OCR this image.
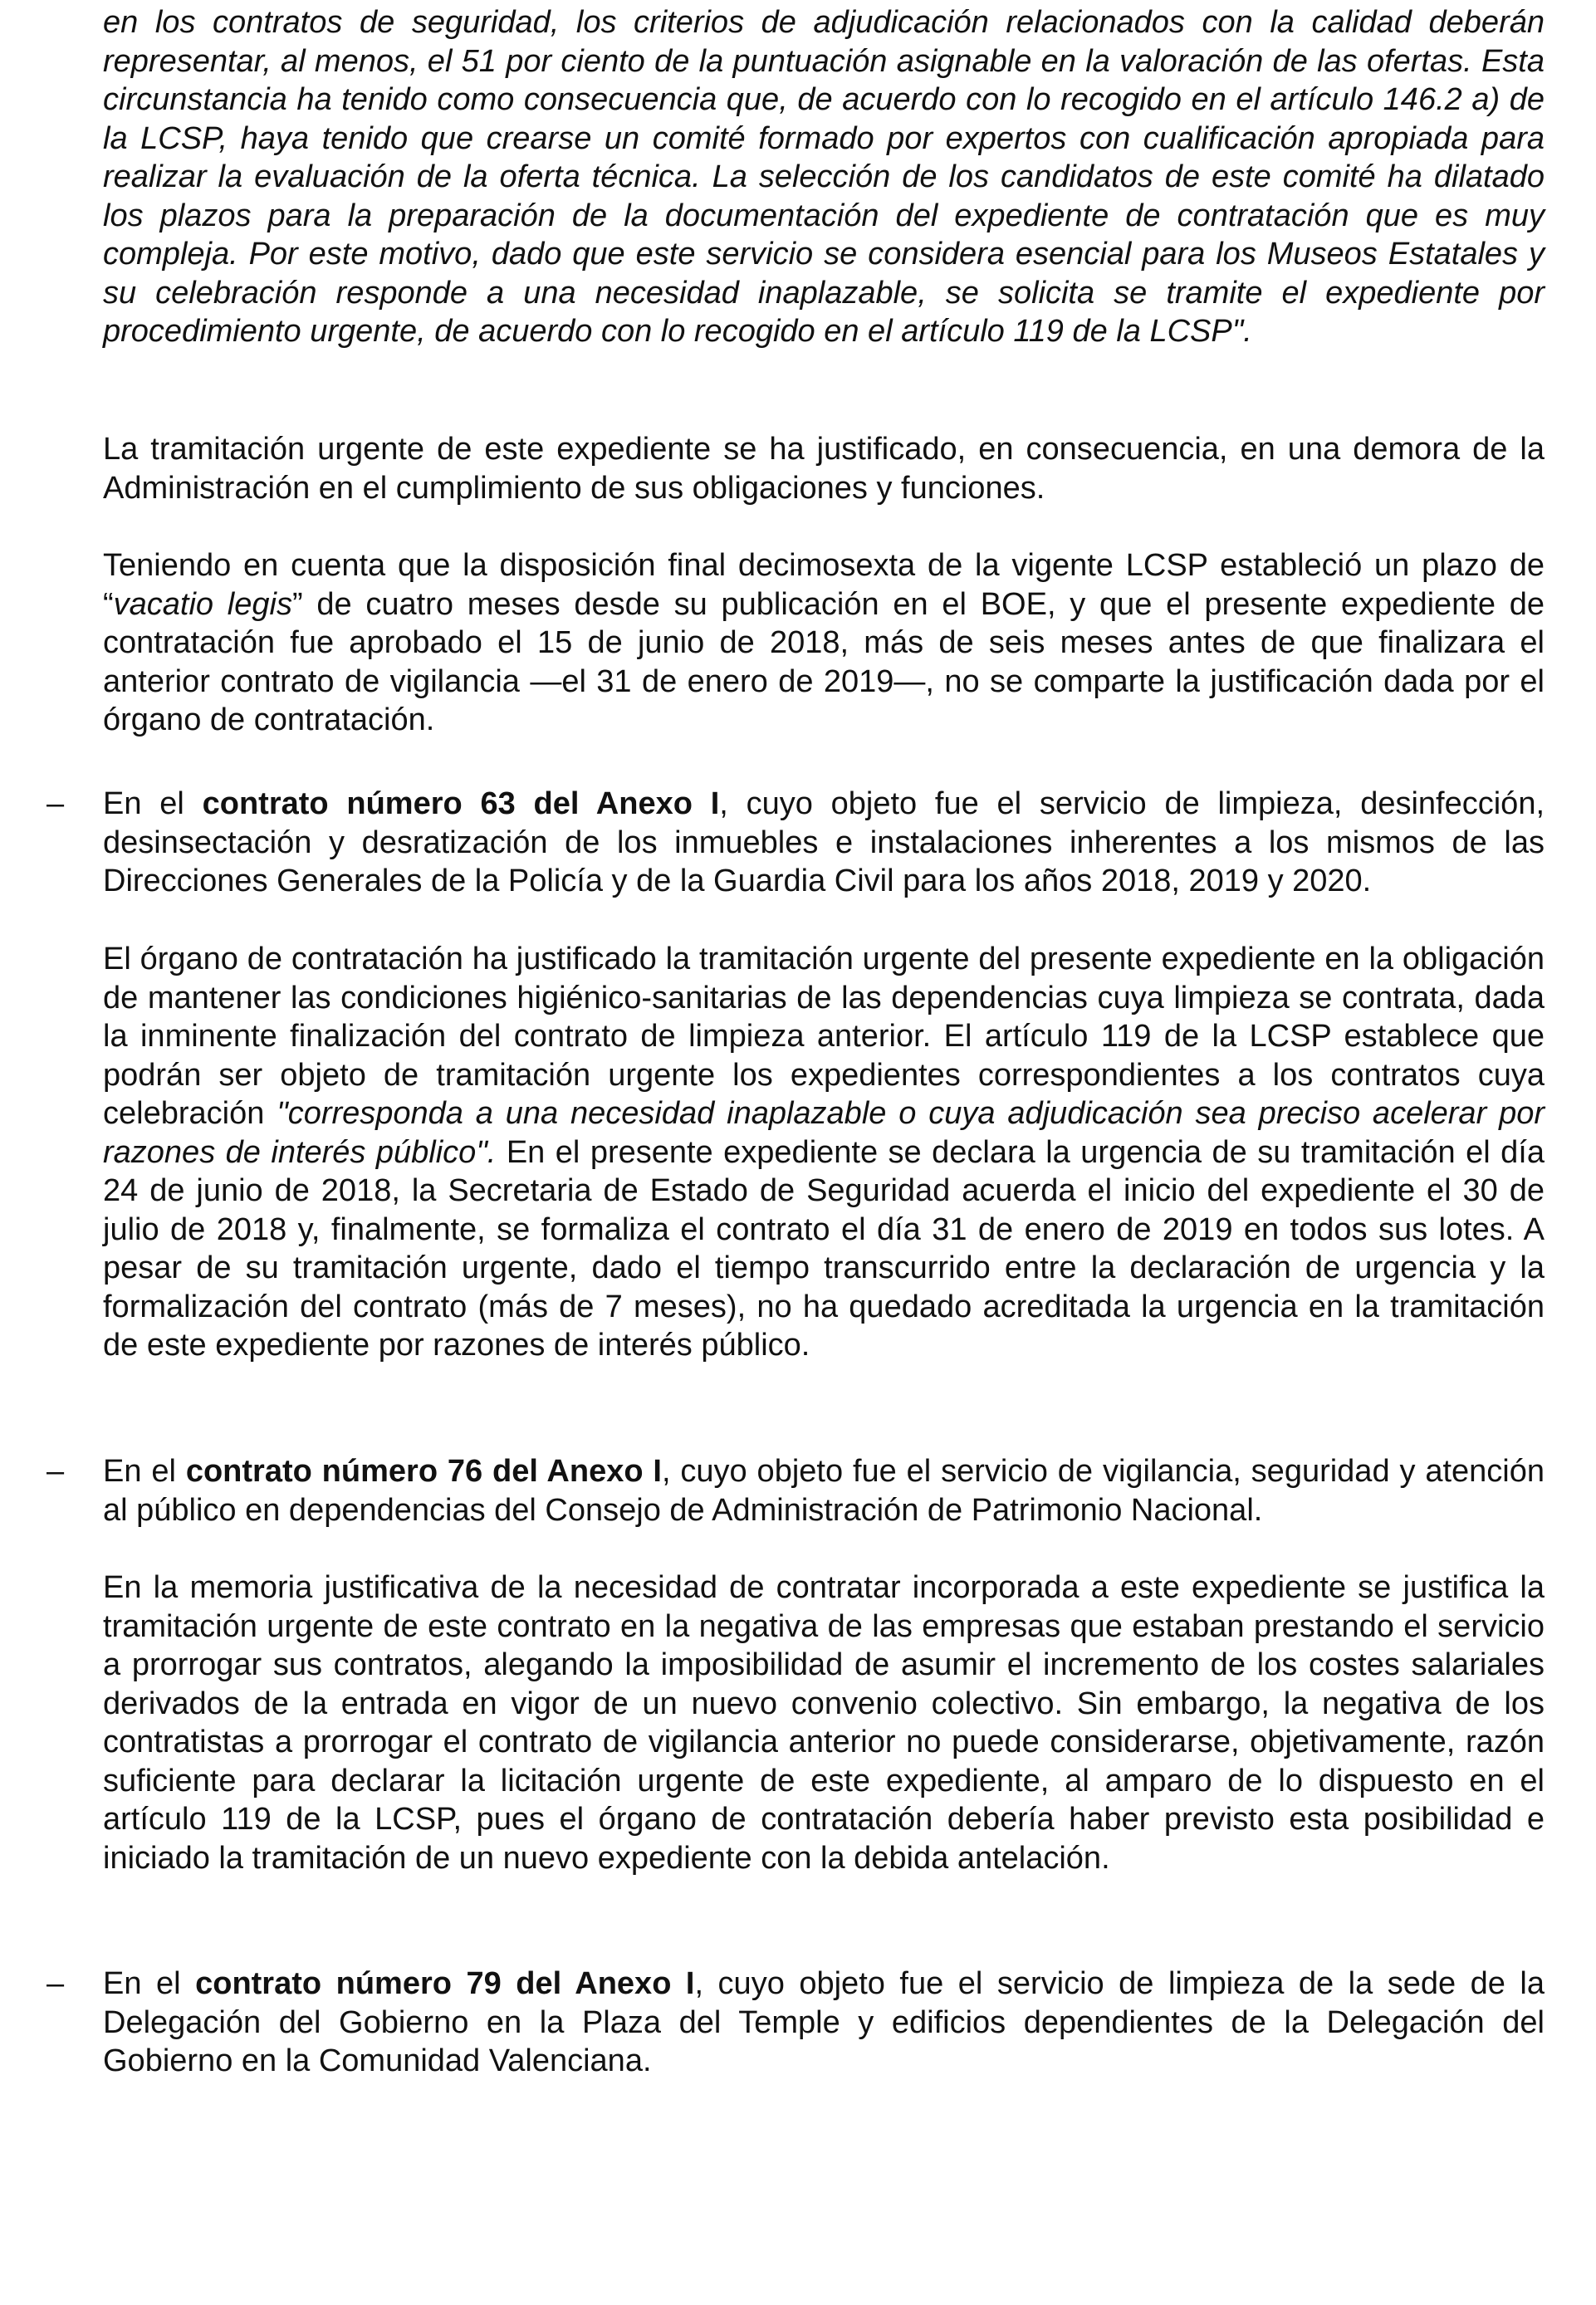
en los contratos de seguridad, los criterios de adjudicación relacionados con la calidad deberán representar, al menos, el 51 por ciento de la puntuación asignable en la valoración de las ofertas. Esta circunstancia ha tenido como consecuencia que, de acuerdo con lo recogido en el artículo 146.2 a) de la LCSP, haya tenido que crearse un comité formado por expertos con cualificación apropiada para realizar la evaluación de la oferta técnica. La selección de los candidatos de este comité ha dilatado los plazos para la preparación de la documentación del expediente de contratación que es muy compleja. Por este motivo, dado que este servicio se considera esencial para los Museos Estatales y su celebración responde a una necesidad inaplazable, se solicita se tramite el expediente por procedimiento urgente, de acuerdo con lo recogido en el artículo 119 de la LCSP".

La tramitación urgente de este expediente se ha justificado, en consecuencia, en una demora de la Administración en el cumplimiento de sus obligaciones y funciones.

Teniendo en cuenta que la disposición final decimosexta de la vigente LCSP estableció un plazo de “vacatio legis” de cuatro meses desde su publicación en el BOE, y que el presente expediente de contratación fue aprobado el 15 de junio de 2018, más de seis meses antes de que finalizara el anterior contrato de vigilancia —el 31 de enero de 2019—, no se comparte la justificación dada por el órgano de contratación.

–	En el contrato número 63 del Anexo I, cuyo objeto fue el servicio de limpieza, desinfección, desinsectación y desratización de los inmuebles e instalaciones inherentes a los mismos de las Direcciones Generales de la Policía y de la Guardia Civil para los años 2018, 2019 y 2020.

El órgano de contratación ha justificado la tramitación urgente del presente expediente en la obligación de mantener las condiciones higiénico-sanitarias de las dependencias cuya limpieza se contrata, dada la inminente finalización del contrato de limpieza anterior. El artículo 119 de la LCSP establece que podrán ser objeto de tramitación urgente los expedientes correspondientes a los contratos cuya celebración "corresponda a una necesidad inaplazable o cuya adjudicación sea preciso acelerar por razones de interés público". En el presente expediente se declara la urgencia de su tramitación el día 24 de junio de 2018, la Secretaria de Estado de Seguridad acuerda el inicio del expediente el 30 de julio de 2018 y, finalmente, se formaliza el contrato el día 31 de enero de 2019 en todos sus lotes. A pesar de su tramitación urgente, dado el tiempo transcurrido entre la declaración de urgencia y la formalización del contrato (más de 7 meses), no ha quedado acreditada la urgencia en la tramitación de este expediente por razones de interés público.

–	En el contrato número 76 del Anexo I, cuyo objeto fue el servicio de vigilancia, seguridad y atención al público en dependencias del Consejo de Administración de Patrimonio Nacional.

En la memoria justificativa de la necesidad de contratar incorporada a este expediente se justifica la tramitación urgente de este contrato en la negativa de las empresas que estaban prestando el servicio a prorrogar sus contratos, alegando la imposibilidad de asumir el incremento de los costes salariales derivados de la entrada en vigor de un nuevo convenio colectivo. Sin embargo, la negativa de los contratistas a prorrogar el contrato de vigilancia anterior no puede considerarse, objetivamente, razón suficiente para declarar la licitación urgente de este expediente, al amparo de lo dispuesto en el artículo 119 de la LCSP, pues el órgano de contratación debería haber previsto esta posibilidad e iniciado la tramitación de un nuevo expediente con la debida antelación.

–	En el contrato número 79 del Anexo I, cuyo objeto fue el servicio de limpieza de la sede de la Delegación del Gobierno en la Plaza del Temple y edificios dependientes de la Delegación del Gobierno en la Comunidad Valenciana.
